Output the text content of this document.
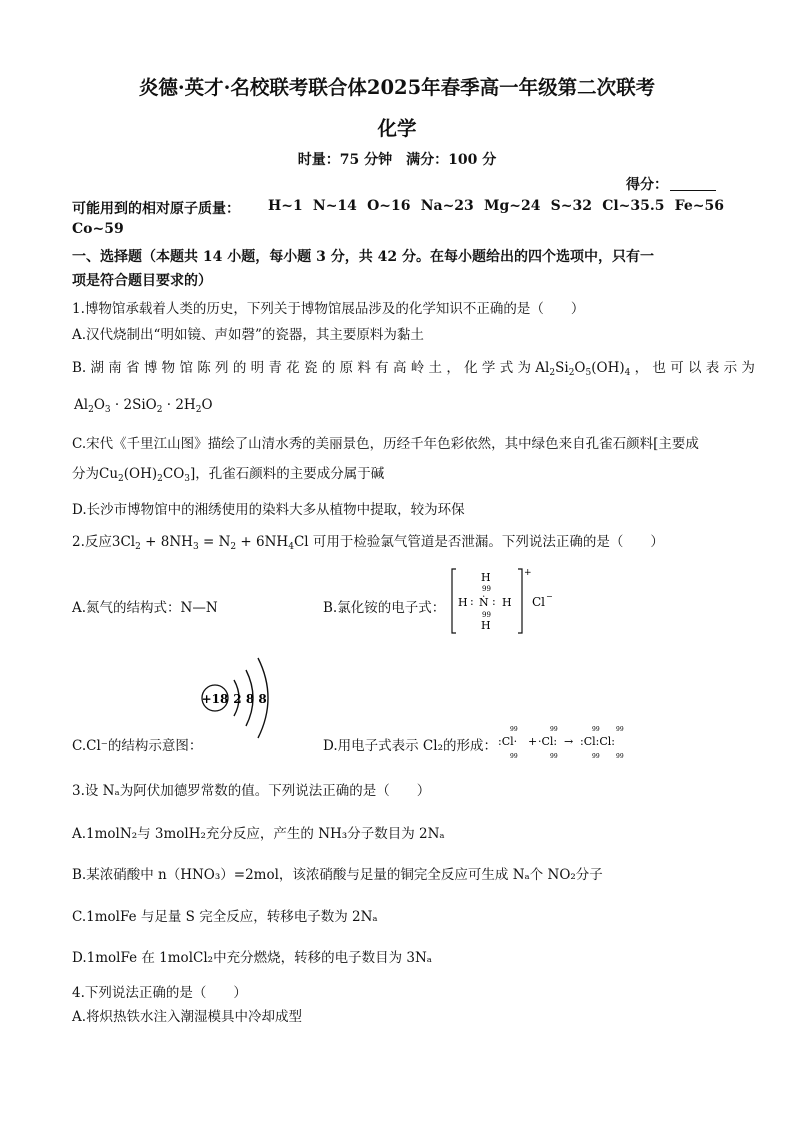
炎德·英才·名校联考联合体2025年春季高一年级第二次联考
化学
时量：75 分钟　满分：100 分
得分：
可能用到的相对原子质量： H~1 N~14 O~16 Na~23 Mg~24 S~32 Cl~35.5 Fe~56
Co~59
一、选择题（本题共 14 小题，每小题 3 分，共 42 分。在每小题给出的四个选项中，只有一
项是符合题目要求的）
1.博物馆承载着人类的历史，下列关于博物馆展品涉及的化学知识不正确的是（　　）
A.汉代烧制出“明如镜、声如磬”的瓷器，其主要原料为黏土
B. 湖 南 省 博 物 馆 陈 列 的 明 青 花 瓷 的 原 料 有 高 岭 土 ， 化 学 式 为 $Al_2Si_2O_5(OH)_4$ ， 也 可 以 表 示 为
$Al_2O_3 \cdot 2SiO_2 \cdot 2H_2O$
C.宋代《千里江山图》描绘了山清水秀的美丽景色，历经千年色彩依然，其中绿色来自孔雀石颜料[主要成
分为$Cu_2(OH)_2CO_3$]，孔雀石颜料的主要成分属于碱
D.长沙市博物馆中的湘绣使用的染料大多从植物中提取，较为环保
2.反应$3Cl_2 + 8NH_3 = N_2 + 6NH_4Cl$ 可用于检验氯气管道是否泄漏。下列说法正确的是（　　）
A.氮气的结构式：N—N	B.氯化铵的电子式：
+
H
99
H : Ṅ : H
99
H
Cl −
+18 2 8 8
C.Cl⁻的结构示意图：	D.用电子式表示 Cl₂的形成：
99
:Cl·
99
+
99
·Cl:
99
→
99
:Cl:Cl:
99
99	99
3.设 Nₐ为阿伏加德罗常数的值。下列说法正确的是（　　）
A.1molN₂与 3molH₂充分反应，产生的 NH₃分子数目为 2Nₐ
B.某浓硝酸中 n（HNO₃）=2mol，该浓硝酸与足量的铜完全反应可生成 Nₐ个 NO₂分子
C.1molFe 与足量 S 完全反应，转移电子数为 2Nₐ
D.1molFe 在 1molCl₂中充分燃烧，转移的电子数目为 3Nₐ
4.下列说法正确的是（　　）
A.将炽热铁水注入潮湿模具中冷却成型
